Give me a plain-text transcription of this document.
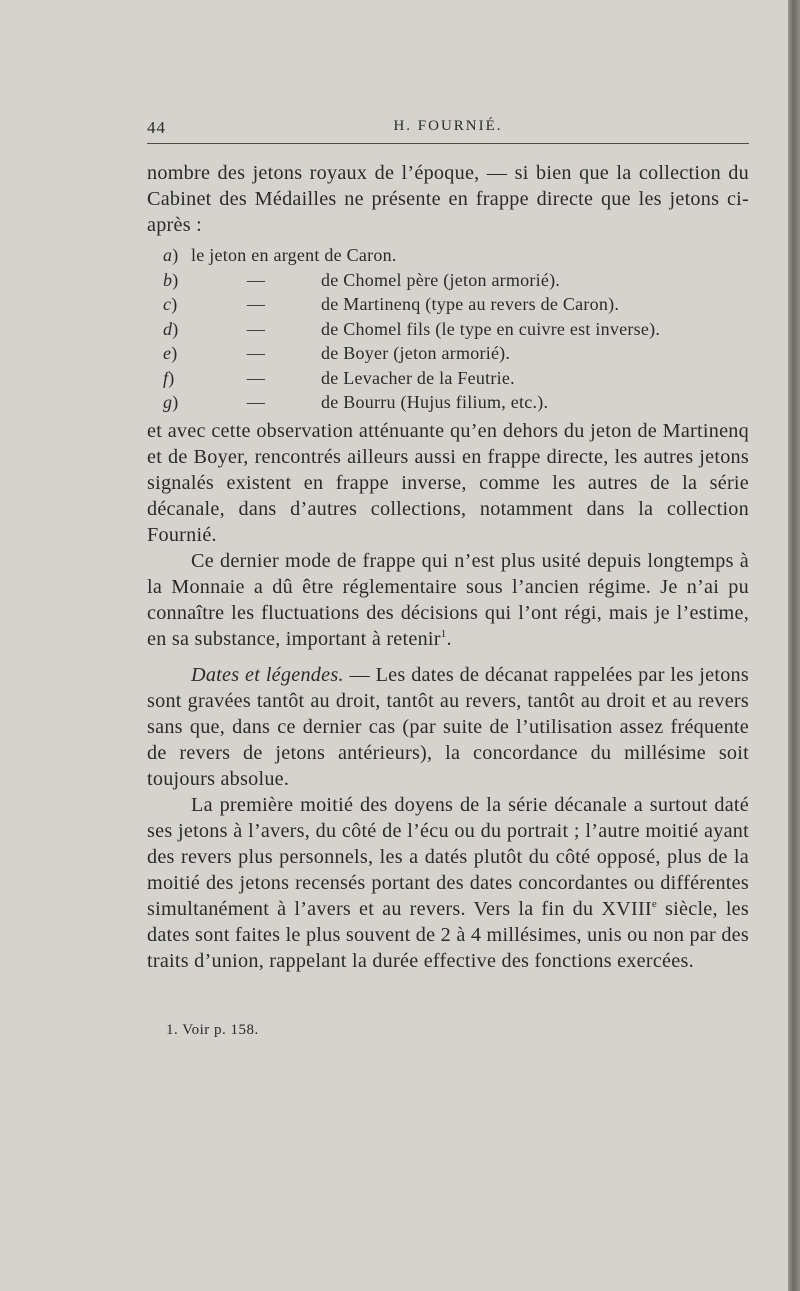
44	H. FOURNIÉ.

nombre des jetons royaux de l’époque, — si bien que la collection du Cabinet des Médailles ne présente en frappe directe que les jetons ci-après :

a) le jeton en argent de Caron.
b)	—	de Chomel père (jeton armorié).
c)	—	de Martinenq (type au revers de Caron).
d)	—	de Chomel fils (le type en cuivre est inverse).
e)	—	de Boyer (jeton armorié).
f)	—	de Levacher de la Feutrie.
g)	—	de Bourru (Hujus filium, etc.).

et avec cette observation atténuante qu’en dehors du jeton de Martinenq et de Boyer, rencontrés ailleurs aussi en frappe directe, les autres jetons signalés existent en frappe inverse, comme les autres de la série décanale, dans d’autres collections, notamment dans la collection Fournié.

Ce dernier mode de frappe qui n’est plus usité depuis longtemps à la Monnaie a dû être réglementaire sous l’ancien régime. Je n’ai pu connaître les fluctuations des décisions qui l’ont régi, mais je l’estime, en sa substance, important à retenir$^1$.

Dates et légendes. — Les dates de décanat rappelées par les jetons sont gravées tantôt au droit, tantôt au revers, tantôt au droit et au revers sans que, dans ce dernier cas (par suite de l’utilisation assez fréquente de revers de jetons antérieurs), la concordance du millésime soit toujours absolue.

La première moitié des doyens de la série décanale a surtout daté ses jetons à l’avers, du côté de l’écu ou du portrait ; l’autre moitié ayant des revers plus personnels, les a datés plutôt du côté opposé, plus de la moitié des jetons recensés portant des dates concordantes ou différentes simultanément à l’avers et au revers. Vers la fin du XVIIIe siècle, les dates sont faites le plus souvent de 2 à 4 millésimes, unis ou non par des traits d’union, rappelant la durée effective des fonctions exercées.

1. Voir p. 158.
